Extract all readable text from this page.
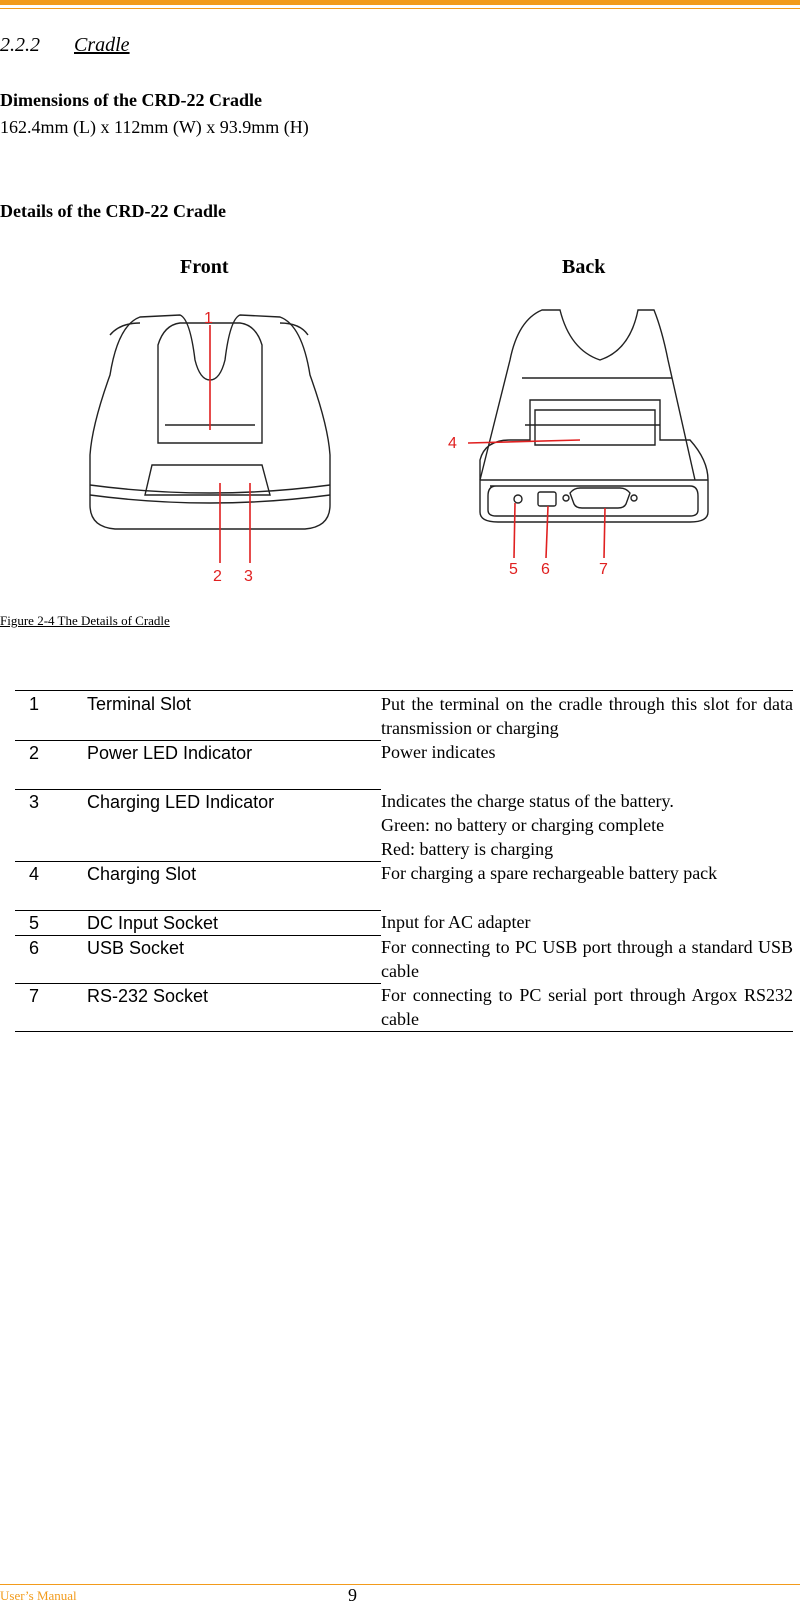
2.2.2 Cradle
Dimensions of the CRD-22 Cradle
162.4mm (L) x 112mm (W) x 93.9mm (H)
Details of the CRD-22 Cradle
Front	Back
1
2 3
4
5 6	7
Figure 2-4 The Details of Cradle
1	Terminal Slot	Put the terminal on the cradle through this slot for data transmission or charging
2	Power LED Indicator	Power indicates
3	Charging LED Indicator	Indicates the charge status of the battery.
Green: no battery or charging complete
Red: battery is charging

4	Charging Slot	For charging a spare rechargeable battery pack
5	DC Input Socket	Input for AC adapter
6	USB Socket	For connecting to PC USB port through a standard USB cable
7	RS-232 Socket	For connecting to PC serial port through Argox RS232 cable
User’s Manual	9
